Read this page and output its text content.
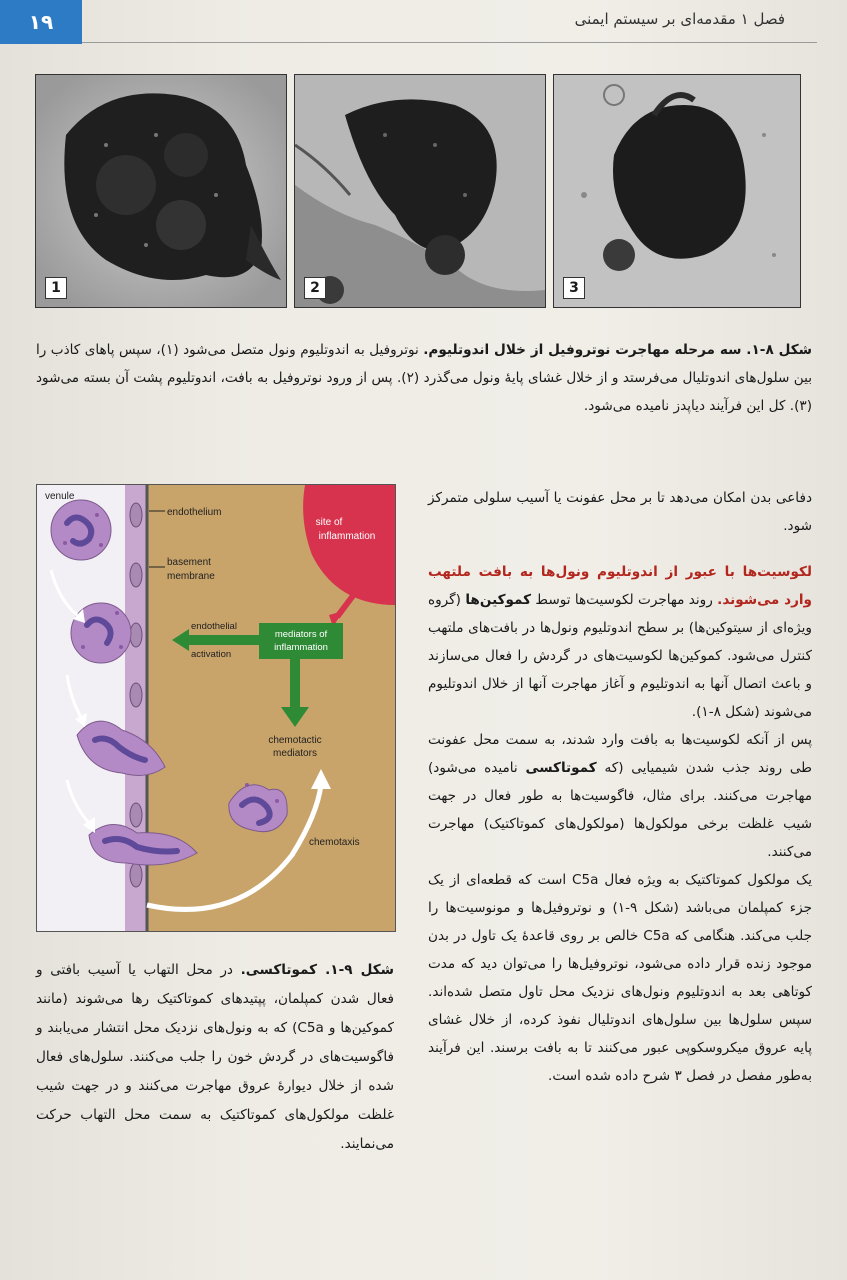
۱۹	فصل ۱ مقدمه‌ای بر سیستم ایمنی
1	2	3
شکل ۸-۱. سه مرحله مهاجرت نوتروفیل از خلال اندوتلیوم. نوتروفیل به اندوتلیوم ونول متصل می‌شود (۱)، سپس پاهای کاذب را بین سلول‌های اندوتلیال می‌فرستد و از خلال غشای پایهٔ ونول می‌گذرد (۲). پس از ورود نوتروفیل به بافت، اندوتلیوم پشت آن بسته می‌شود (۳). کل این فرآیند دیاپدز نامیده می‌شود.
site of
inflammation
venule
endothelium
basement
membrane
mediators of
inflammation
endothelial
activation
chemotactic
mediators
chemotaxis
شکل ۹-۱. کموتاکسی. در محل التهاب یا آسیب بافتی و فعال شدن کمپلمان، پپتیدهای کموتاکتیک رها می‌شوند (مانند کموکین‌ها و C5a) که به ونول‌های نزدیک محل انتشار می‌یابند و فاگوسیت‌های در گردش خون را جلب می‌کنند. سلول‌های فعال شده از خلال دیوارهٔ عروق مهاجرت می‌کنند و در جهت شیب غلظت مولکول‌های کموتاکتیک به سمت محل التهاب حرکت می‌نمایند.

دفاعی بدن امکان می‌دهد تا بر محل عفونت یا آسیب سلولی متمرکز شود.

لکوسیت‌ها با عبور از اندوتلیوم ونول‌ها به بافت ملتهب وارد می‌شوند. روند مهاجرت لکوسیت‌ها توسط کموکین‌ها (گروه ویژه‌ای از سیتوکین‌ها) بر سطح اندوتلیوم ونول‌ها در بافت‌های ملتهب کنترل می‌شود. کموکین‌ها لکوسیت‌های در گردش را فعال می‌سازند و باعث اتصال آنها به اندوتلیوم و آغاز مهاجرت آنها از خلال اندوتلیوم می‌شوند (شکل ۸-۱).

پس از آنکه لکوسیت‌ها به بافت وارد شدند، به سمت محل عفونت طی روند جذب شدن شیمیایی (که کموتاکسی نامیده می‌شود) مهاجرت می‌کنند. برای مثال، فاگوسیت‌ها به طور فعال در جهت شیب غلظت برخی مولکول‌ها (مولکول‌های کموتاکتیک) مهاجرت می‌کنند.

یک مولکول کموتاکتیک به ویژه فعال C5a است که قطعه‌ای از یک جزء کمپلمان می‌باشد (شکل ۹-۱) و نوتروفیل‌ها و مونوسیت‌ها را جلب می‌کند. هنگامی که C5a خالص بر روی قاعدهٔ یک تاول در بدن موجود زنده قرار داده می‌شود، نوتروفیل‌ها را می‌توان دید که مدت کوتاهی بعد به اندوتلیوم ونول‌های نزدیک محل تاول متصل شده‌اند. سپس سلول‌ها بین سلول‌های اندوتلیال نفوذ کرده، از خلال غشای پایه عروق میکروسکوپی عبور می‌کنند تا به بافت برسند. این فرآیند به‌طور مفصل در فصل ۳ شرح داده شده است.
